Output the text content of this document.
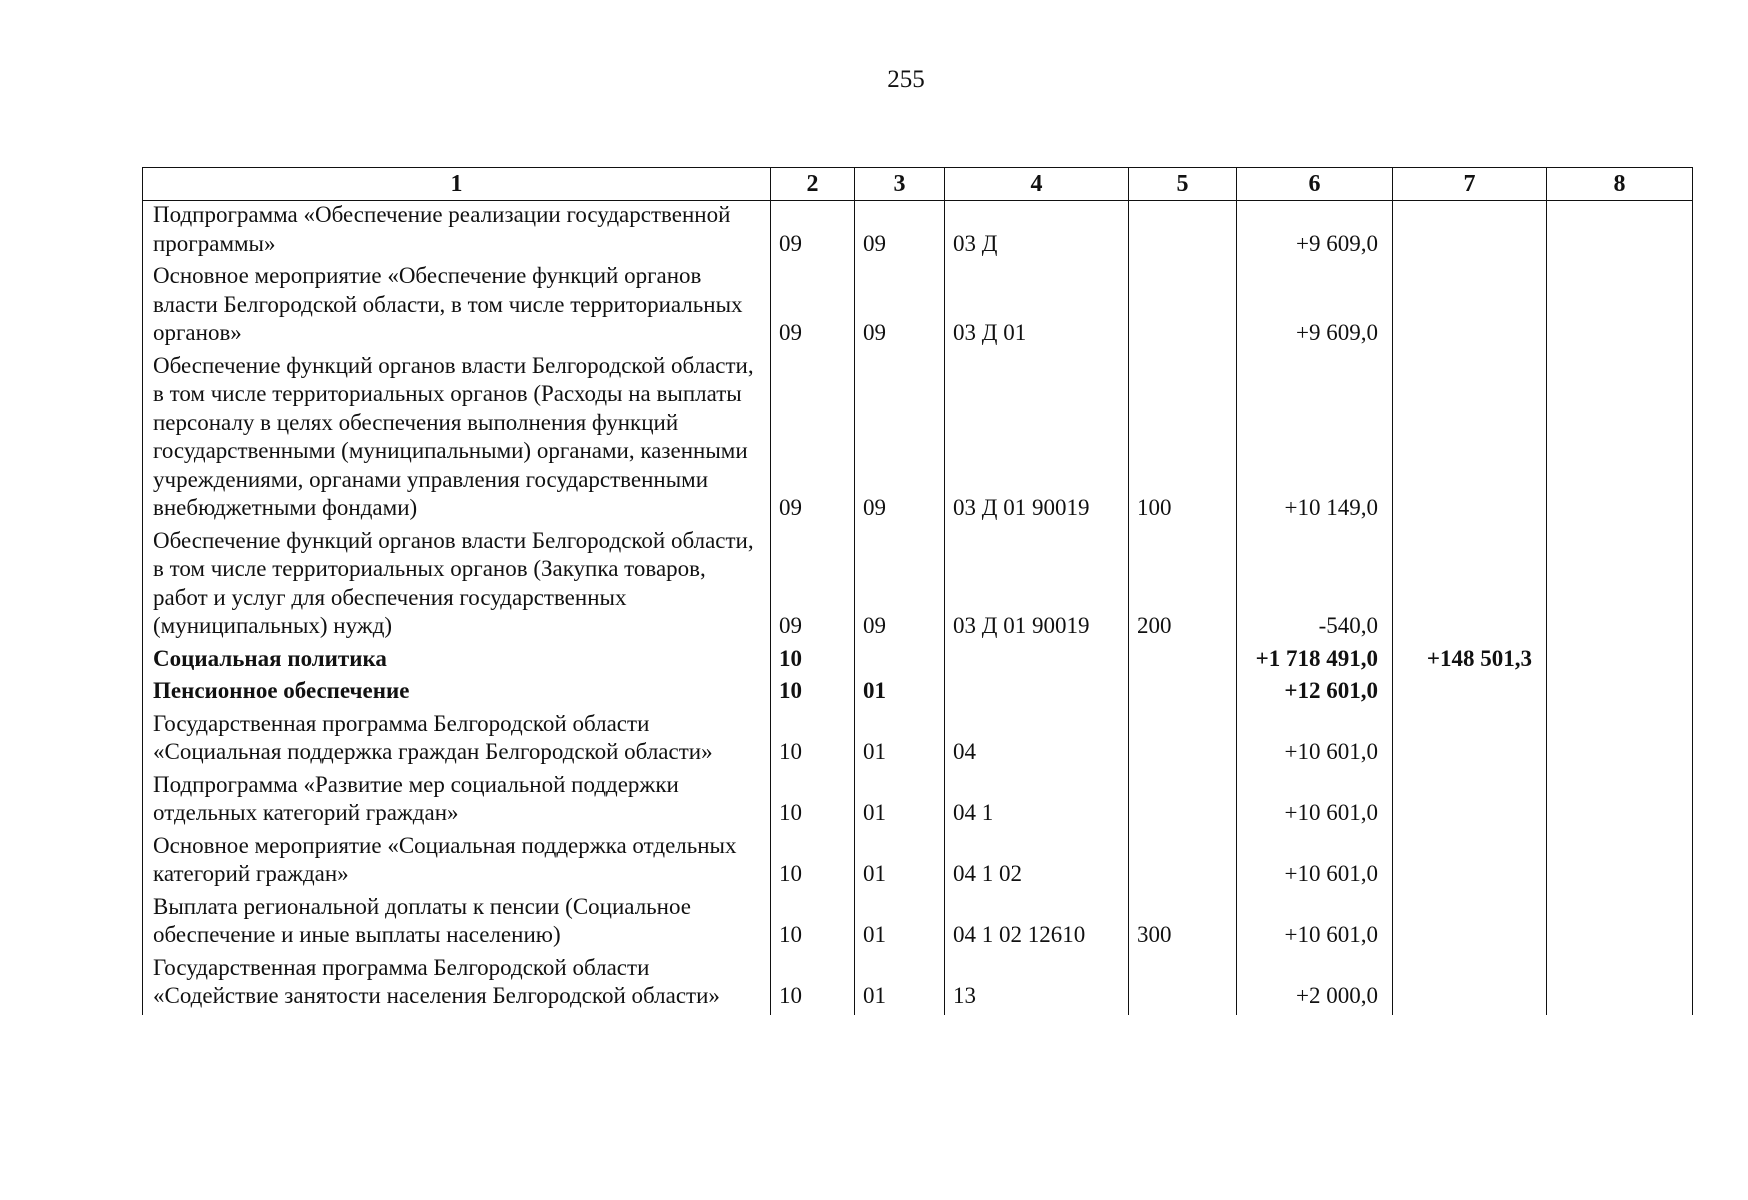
255
1	2	3	4	5	6	7	8
Подпрограмма «Обеспечение реализации государственной программы»	09	09	03 Д		+9 609,0		
Основное мероприятие «Обеспечение функций органов власти Белгородской области, в том числе территориальных органов»	09	09	03 Д 01		+9 609,0		
Обеспечение функций органов власти Белгородской области, в том числе территориальных органов (Расходы на выплаты персоналу в целях обеспечения выполнения функций государственными (муниципальными) органами, казенными учреждениями, органами управления государственными внебюджетными фондами)	09	09	03 Д 01 90019	100	+10 149,0		
Обеспечение функций органов власти Белгородской области, в том числе территориальных органов (Закупка товаров, работ и услуг для обеспечения государственных (муниципальных) нужд)	09	09	03 Д 01 90019	200	-540,0		
Социальная политика	10				+1 718 491,0	+148 501,3	
Пенсионное обеспечение	10	01			+12 601,0		
Государственная программа Белгородской области «Социальная поддержка граждан Белгородской области»	10	01	04		+10 601,0		
Подпрограмма «Развитие мер социальной поддержки отдельных категорий граждан»	10	01	04 1		+10 601,0		
Основное мероприятие «Социальная поддержка отдельных категорий граждан»	10	01	04 1 02		+10 601,0		
Выплата региональной доплаты к пенсии (Социальное обеспечение и иные выплаты населению)	10	01	04 1 02 12610	300	+10 601,0		
Государственная программа Белгородской области «Содействие занятости населения Белгородской области»	10	01	13		+2 000,0		
